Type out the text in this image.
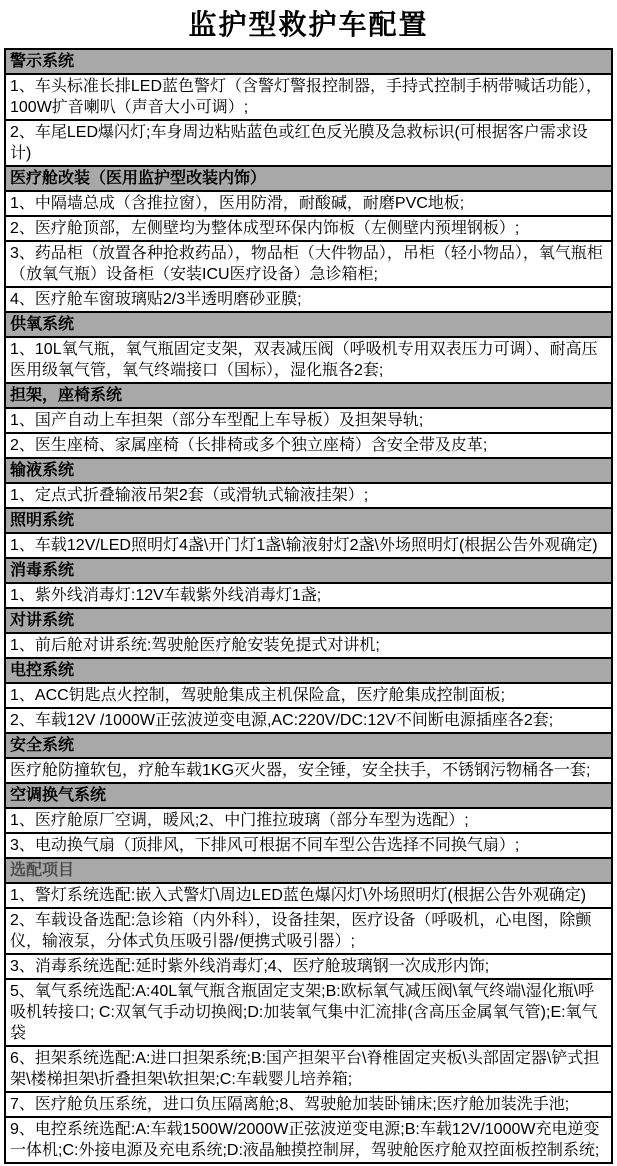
监护型救护车配置
警示系统
1、车头标准长排LED蓝色警灯（含警灯警报控制器，手持式控制手柄带喊话功能），100W扩音喇叭（声音大小可调）;
2、车尾LED爆闪灯;车身周边粘贴蓝色或红色反光膜及急救标识(可根据客户需求设计)
医疗舱改装（医用监护型改装内饰）
1、中隔墙总成（含推拉窗），医用防滑，耐酸碱，耐磨PVC地板;
2、医疗舱顶部，左侧壁均为整体成型环保内饰板（左侧壁内预埋钢板）;
3、药品柜（放置各种抢救药品），物品柜（大件物品），吊柜（轻小物品），氧气瓶柜（放氧气瓶）设备柜（安装ICU医疗设备）急诊箱柜;
4、医疗舱车窗玻璃贴2/3半透明磨砂亚膜;
供氧系统
1、10L氧气瓶，氧气瓶固定支架，双表减压阀（呼吸机专用双表压力可调）、耐高压医用级氧气管，氧气终端接口（国标），湿化瓶各2套;
担架，座椅系统
1、国产自动上车担架（部分车型配上车导板）及担架导轨;
2、医生座椅、家属座椅（长排椅或多个独立座椅）含安全带及皮革;
输液系统
1、定点式折叠输液吊架2套（或滑轨式输液挂架）;
照明系统
1、车载12V/LED照明灯4盏\开门灯1盏\输液射灯2盏\外场照明灯(根据公告外观确定)
消毒系统
1、紫外线消毒灯:12V车载紫外线消毒灯1盏;
对讲系统
1、前后舱对讲系统:驾驶舱医疗舱安装免提式对讲机;
电控系统
1、ACC钥匙点火控制，驾驶舱集成主机保险盒，医疗舱集成控制面板;
2、车载12V /1000W正弦波逆变电源,AC:220V/DC:12V不间断电源插座各2套;
安全系统
医疗舱防撞软包，疗舱车载1KG灭火器，安全锤，安全扶手，不锈钢污物桶各一套;
空调换气系统
1、医疗舱原厂空调，暖风;2、中门推拉玻璃（部分车型为选配）;
3、电动换气扇（顶排风，下排风可根据不同车型公告选择不同换气扇）;
选配项目
1、警灯系统选配:嵌入式警灯\周边LED蓝色爆闪灯\外场照明灯(根据公告外观确定)
2、车载设备选配:急诊箱（内外科），设备挂架，医疗设备（呼吸机，心电图，除颤仪，输液泵，分体式负压吸引器/便携式吸引器）;
3、消毒系统选配:延时紫外线消毒灯;4、医疗舱玻璃钢一次成形内饰;
5、氧气系统选配:A:40L氧气瓶含瓶固定支架;B:欧标氧气减压阀\氧气终端\湿化瓶\呼吸机转接口; C:双氧气手动切换阀;D:加装氧气集中汇流排(含高压金属氧气管);E:氧气袋
6、担架系统选配:A:进口担架系统;B:国产担架平台\脊椎固定夹板\头部固定器\铲式担架\楼梯担架\折叠担架\软担架;C:车载婴儿培养箱;
7、医疗舱负压系统，进口负压隔离舱;8、驾驶舱加装卧铺床;医疗舱加装洗手池;
9、电控系统选配:A:车载1500W/2000W正弦波逆变电源;B:车载12V/1000W充电逆变一体机;C:外接电源及充电系统;D:液晶触摸控制屏，驾驶舱医疗舱双控面板控制系统;
